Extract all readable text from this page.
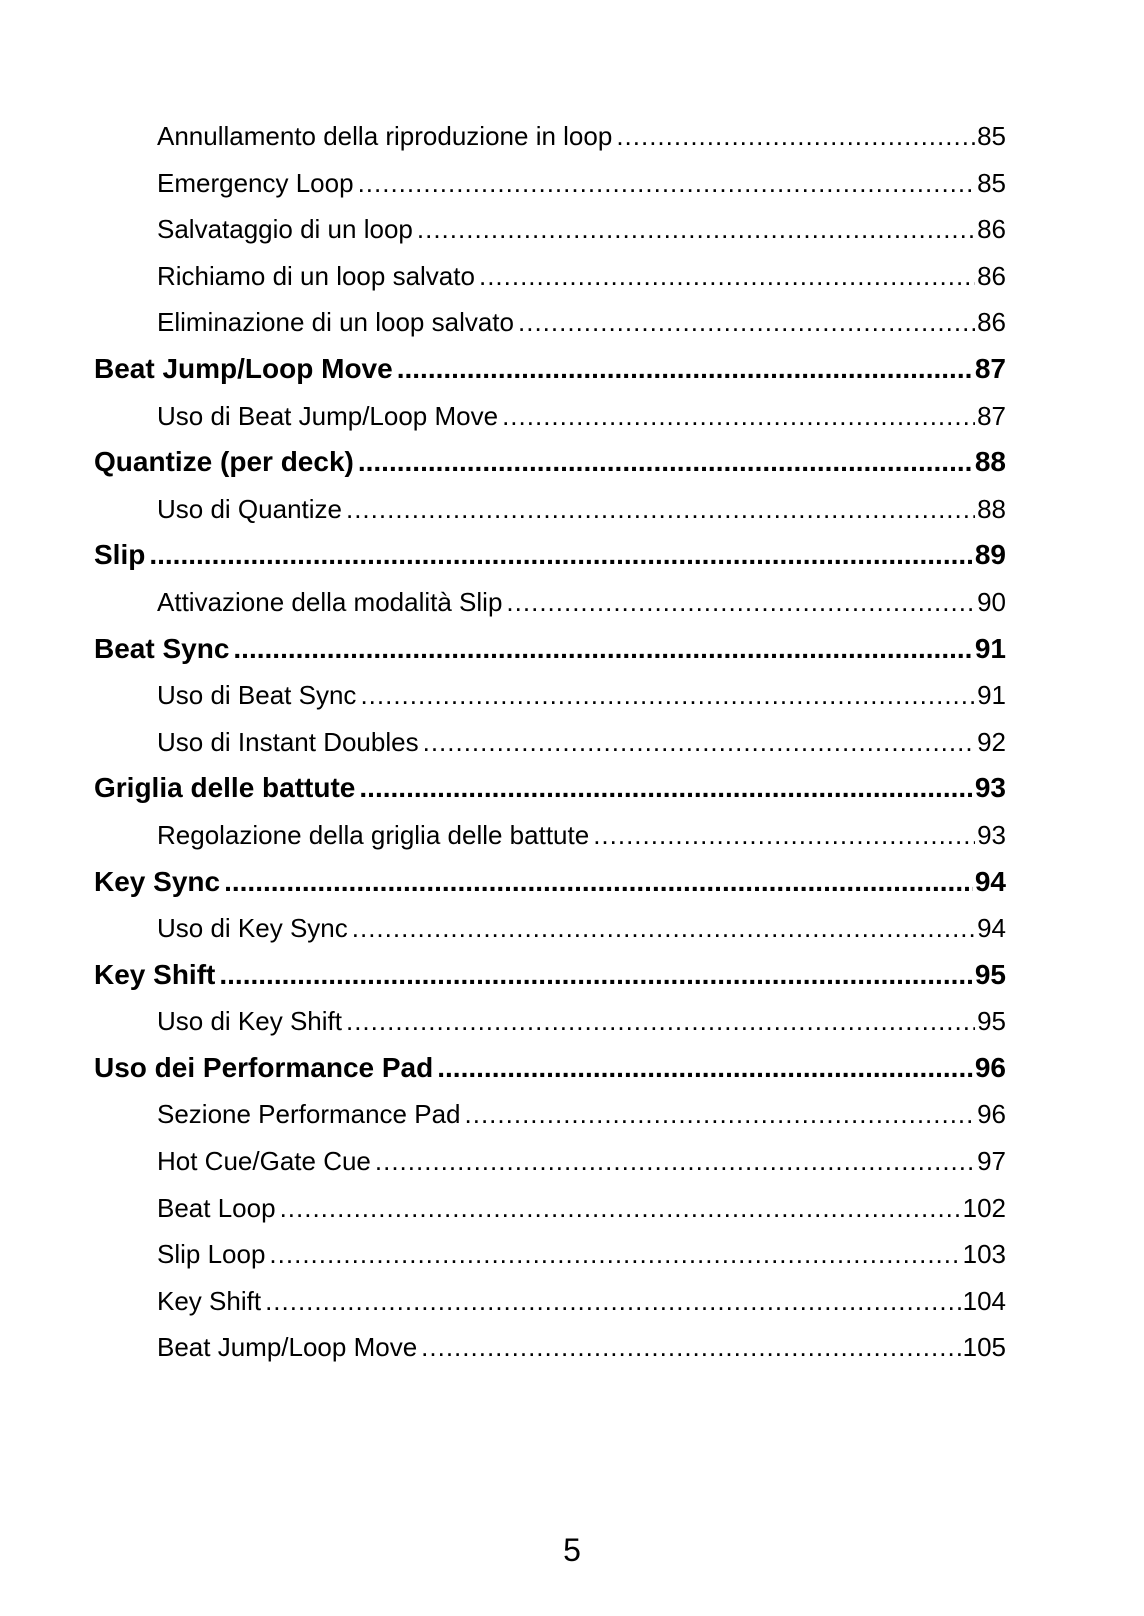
Annullamento della riproduzione in loop .....	85
Emergency Loop .....	85
Salvataggio di un loop .....	86
Richiamo di un loop salvato .....	86
Eliminazione di un loop salvato .....	86
Beat Jump/Loop Move .....	87
Uso di Beat Jump/Loop Move .....	87
Quantize (per deck) .....	88
Uso di Quantize .....	88
Slip .....	89
Attivazione della modalità Slip .....	90
Beat Sync .....	91
Uso di Beat Sync .....	91
Uso di Instant Doubles .....	92
Griglia delle battute .....	93
Regolazione della griglia delle battute .....	93
Key Sync .....	94
Uso di Key Sync .....	94
Key Shift .....	95
Uso di Key Shift .....	95
Uso dei Performance Pad .....	96
Sezione Performance Pad .....	96
Hot Cue/Gate Cue .....	97
Beat Loop .....	102
Slip Loop .....	103
Key Shift .....	104
Beat Jump/Loop Move .....	105
5
